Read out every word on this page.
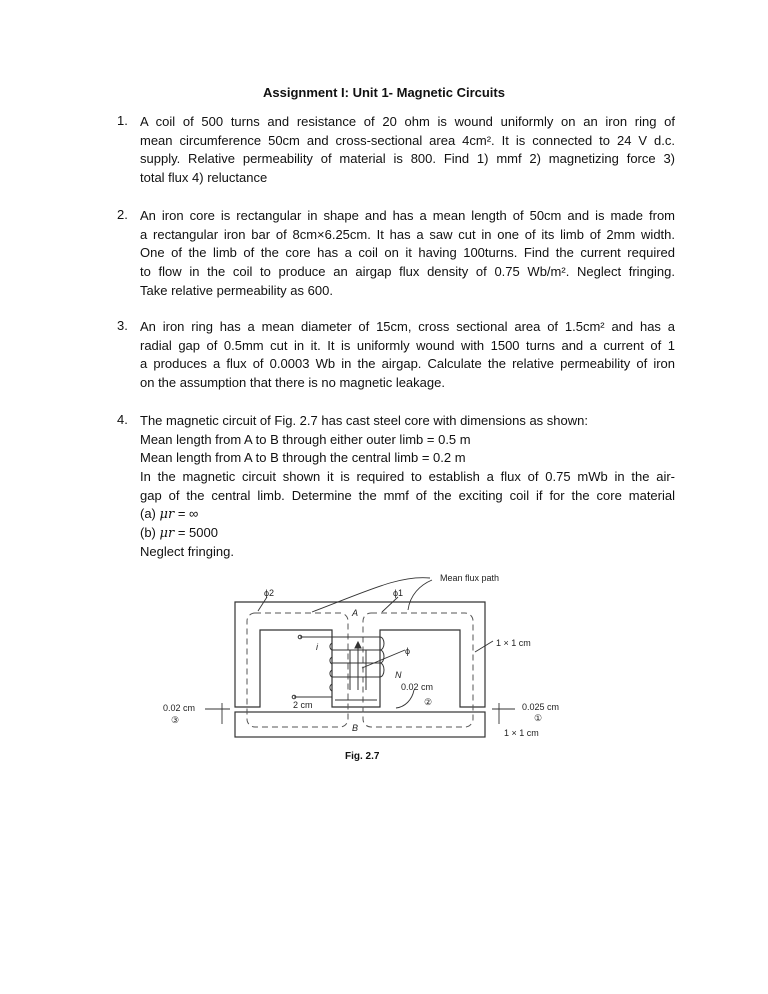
Assignment I: Unit 1- Magnetic Circuits
1. A coil of 500 turns and resistance of 20 ohm is wound uniformly on an iron ring of
mean circumference 50cm and cross-sectional area 4cm². It is connected to 24 V d.c.
supply. Relative permeability of material is 800. Find 1) mmf 2) magnetizing force 3)
total flux 4) reluctance
2. An iron core is rectangular in shape and has a mean length of 50cm and is made from
a rectangular iron bar of 8cm×6.25cm. It has a saw cut in one of its limb of 2mm width.
One of the limb of the core has a coil on it having 100turns. Find the current required
to flow in the coil to produce an airgap flux density of 0.75 Wb/m². Neglect fringing.
Take relative permeability as 600.
3. An iron ring has a mean diameter of 15cm, cross sectional area of 1.5cm² and has a
radial gap of 0.5mm cut in it. It is uniformly wound with 1500 turns and a current of 1
a produces a flux of 0.0003 Wb in the airgap. Calculate the relative permeability of iron
on the assumption that there is no magnetic leakage.
4. The magnetic circuit of Fig. 2.7 has cast steel core with dimensions as shown:
Mean length from A to B through either outer limb = 0.5 m
Mean length from A to B through the central limb = 0.2 m
In the magnetic circuit shown it is required to establish a flux of 0.75 mWb in the air-
gap of the central limb. Determine the mmf of the exciting coil if for the core material
(a) μr = ∞
(b) μr = 5000
Neglect fringing.
Mean flux path
ϕ2	ϕ1
A
i	ϕ
N
0.02 cm
②
2 cm
0.02 cm
③
0.025 cm
①
1 × 1 cm
1 × 1 cm
B
Fig. 2.7
